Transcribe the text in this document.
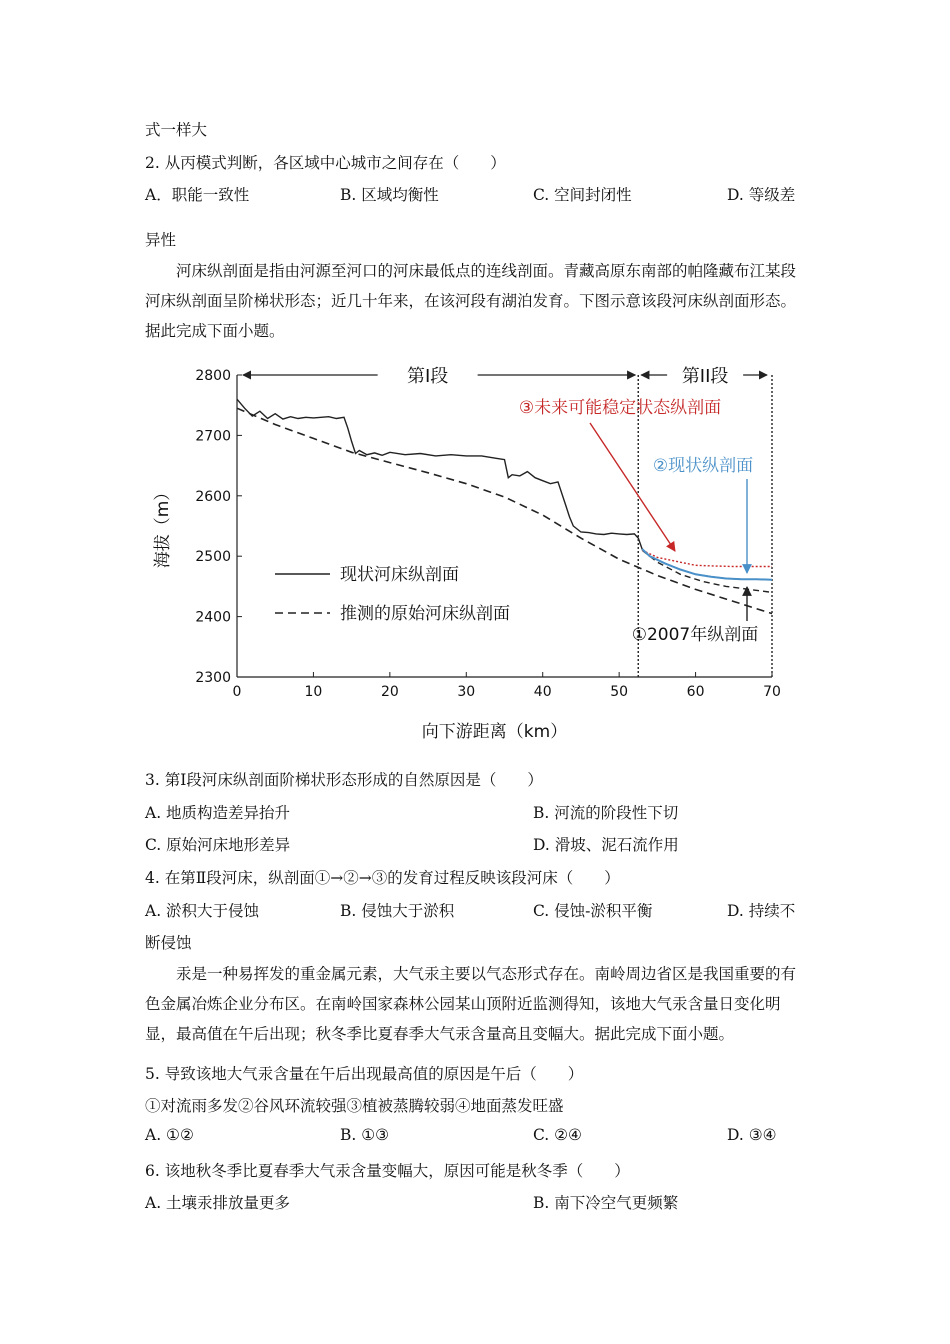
式一样大
2. 从丙模式判断，各区域中心城市之间存在（　　）
A．职能一致性	B. 区域均衡性	C. 空间封闭性	D. 等级差
异性
河床纵剖面是指由河源至河口的河床最低点的连线剖面。青藏高原东南部的帕隆藏布江某段河床纵剖面呈阶梯状形态；近几十年来，在该河段有湖泊发育。下图示意该段河床纵剖面形态。据此完成下面小题。
0	10	20	30	40	50	60	70
2800
2700
2600
2500
2400
2300
向下游距离（km）
海拔（m）
第I段	第II段
现状河床纵剖面
推测的原始河床纵剖面
③未来可能稳定状态纵剖面
②现状纵剖面
①2007年纵剖面
3. 第Ⅰ段河床纵剖面阶梯状形态形成的自然原因是（　　）
A. 地质构造差异抬升	B. 河流的阶段性下切
C. 原始河床地形差异	D. 滑坡、泥石流作用
4. 在第Ⅱ段河床，纵剖面①→②→③的发育过程反映该段河床（　　）
A. 淤积大于侵蚀	B. 侵蚀大于淤积	C. 侵蚀-淤积平衡	D. 持续不
断侵蚀
汞是一种易挥发的重金属元素，大气汞主要以气态形式存在。南岭周边省区是我国重要的有色金属冶炼企业分布区。在南岭国家森林公园某山顶附近监测得知，该地大气汞含量日变化明显，最高值在午后出现；秋冬季比夏春季大气汞含量高且变幅大。据此完成下面小题。
5. 导致该地大气汞含量在午后出现最高值的原因是午后（　　）
①对流雨多发②谷风环流较强③植被蒸腾较弱④地面蒸发旺盛
A. ①②	B. ①③	C. ②④	D. ③④
6. 该地秋冬季比夏春季大气汞含量变幅大，原因可能是秋冬季（　　）
A. 土壤汞排放量更多	B. 南下冷空气更频繁
